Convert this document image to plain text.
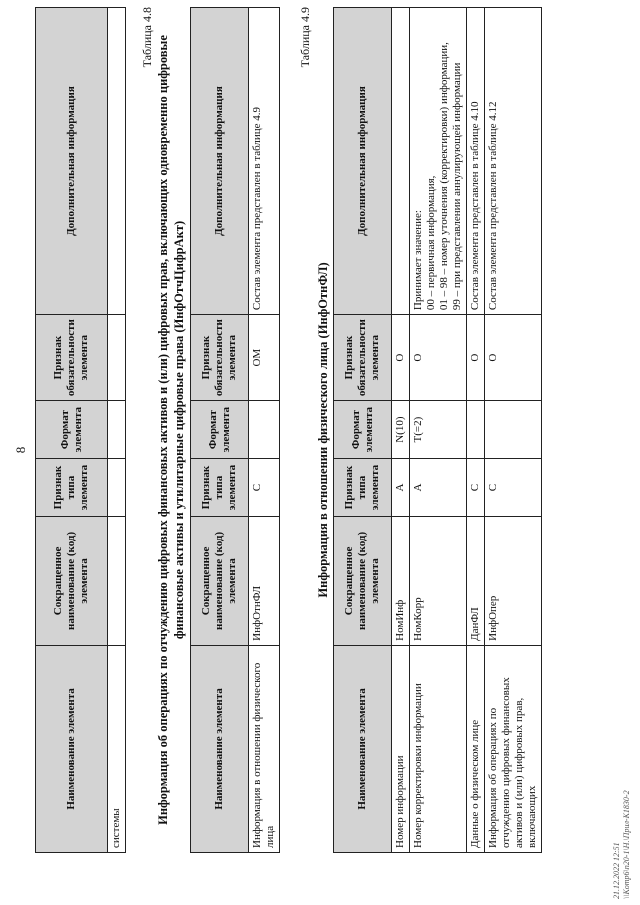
8
Наименование элемента	Сокращенное наименование (код) элемента	Признак типа элемента	Формат элемента	Признак обязательности элемента	Дополнительная информация
системы					
Таблица 4.8 Информация об операциях по отчуждению цифровых финансовых активов и (или) цифровых прав, включающих одновременно цифровые финансовые активы и утилитарные цифровые права (ИнфОтчЦифрАкт)
Наименование элемента	Сокращенное наименование (код) элемента	Признак типа элемента	Формат элемента	Признак обязательности элемента	Дополнительная информация
Информация в отношении физического лица	ИнфОтнФЛ	С		ОМ	Состав элемента представлен в таблице 4.9
Таблица 4.9
Информация в отношении физического лица (ИнфОтнФЛ)
Наименование элемента	Сокращенное наименование (код) элемента	Признак типа элемента	Формат элемента	Признак обязательности элемента	Дополнительная информация
Номер информации	НомИнф	А	N(10)	О	
Номер корректировки информации	НомКорр	А	T(=2)	О	Принимает значение: 00 – первичная информация, 01 – 98 – номер уточнения (корректировки) информации, 99 – при представлении аннулирующей информации

Данные о физическом лице	ДанФЛ	С		О	Состав элемента представлен в таблице 4.10
Информация об операциях по отчуждению цифровых финансовых активов и (или) цифровых прав, включающих	ИнфОпер	С		О	Состав элемента представлен в таблице 4.12
21.12.2022 12:51 \\Komp6\n20-1\Н.\Прил-К1830-2
